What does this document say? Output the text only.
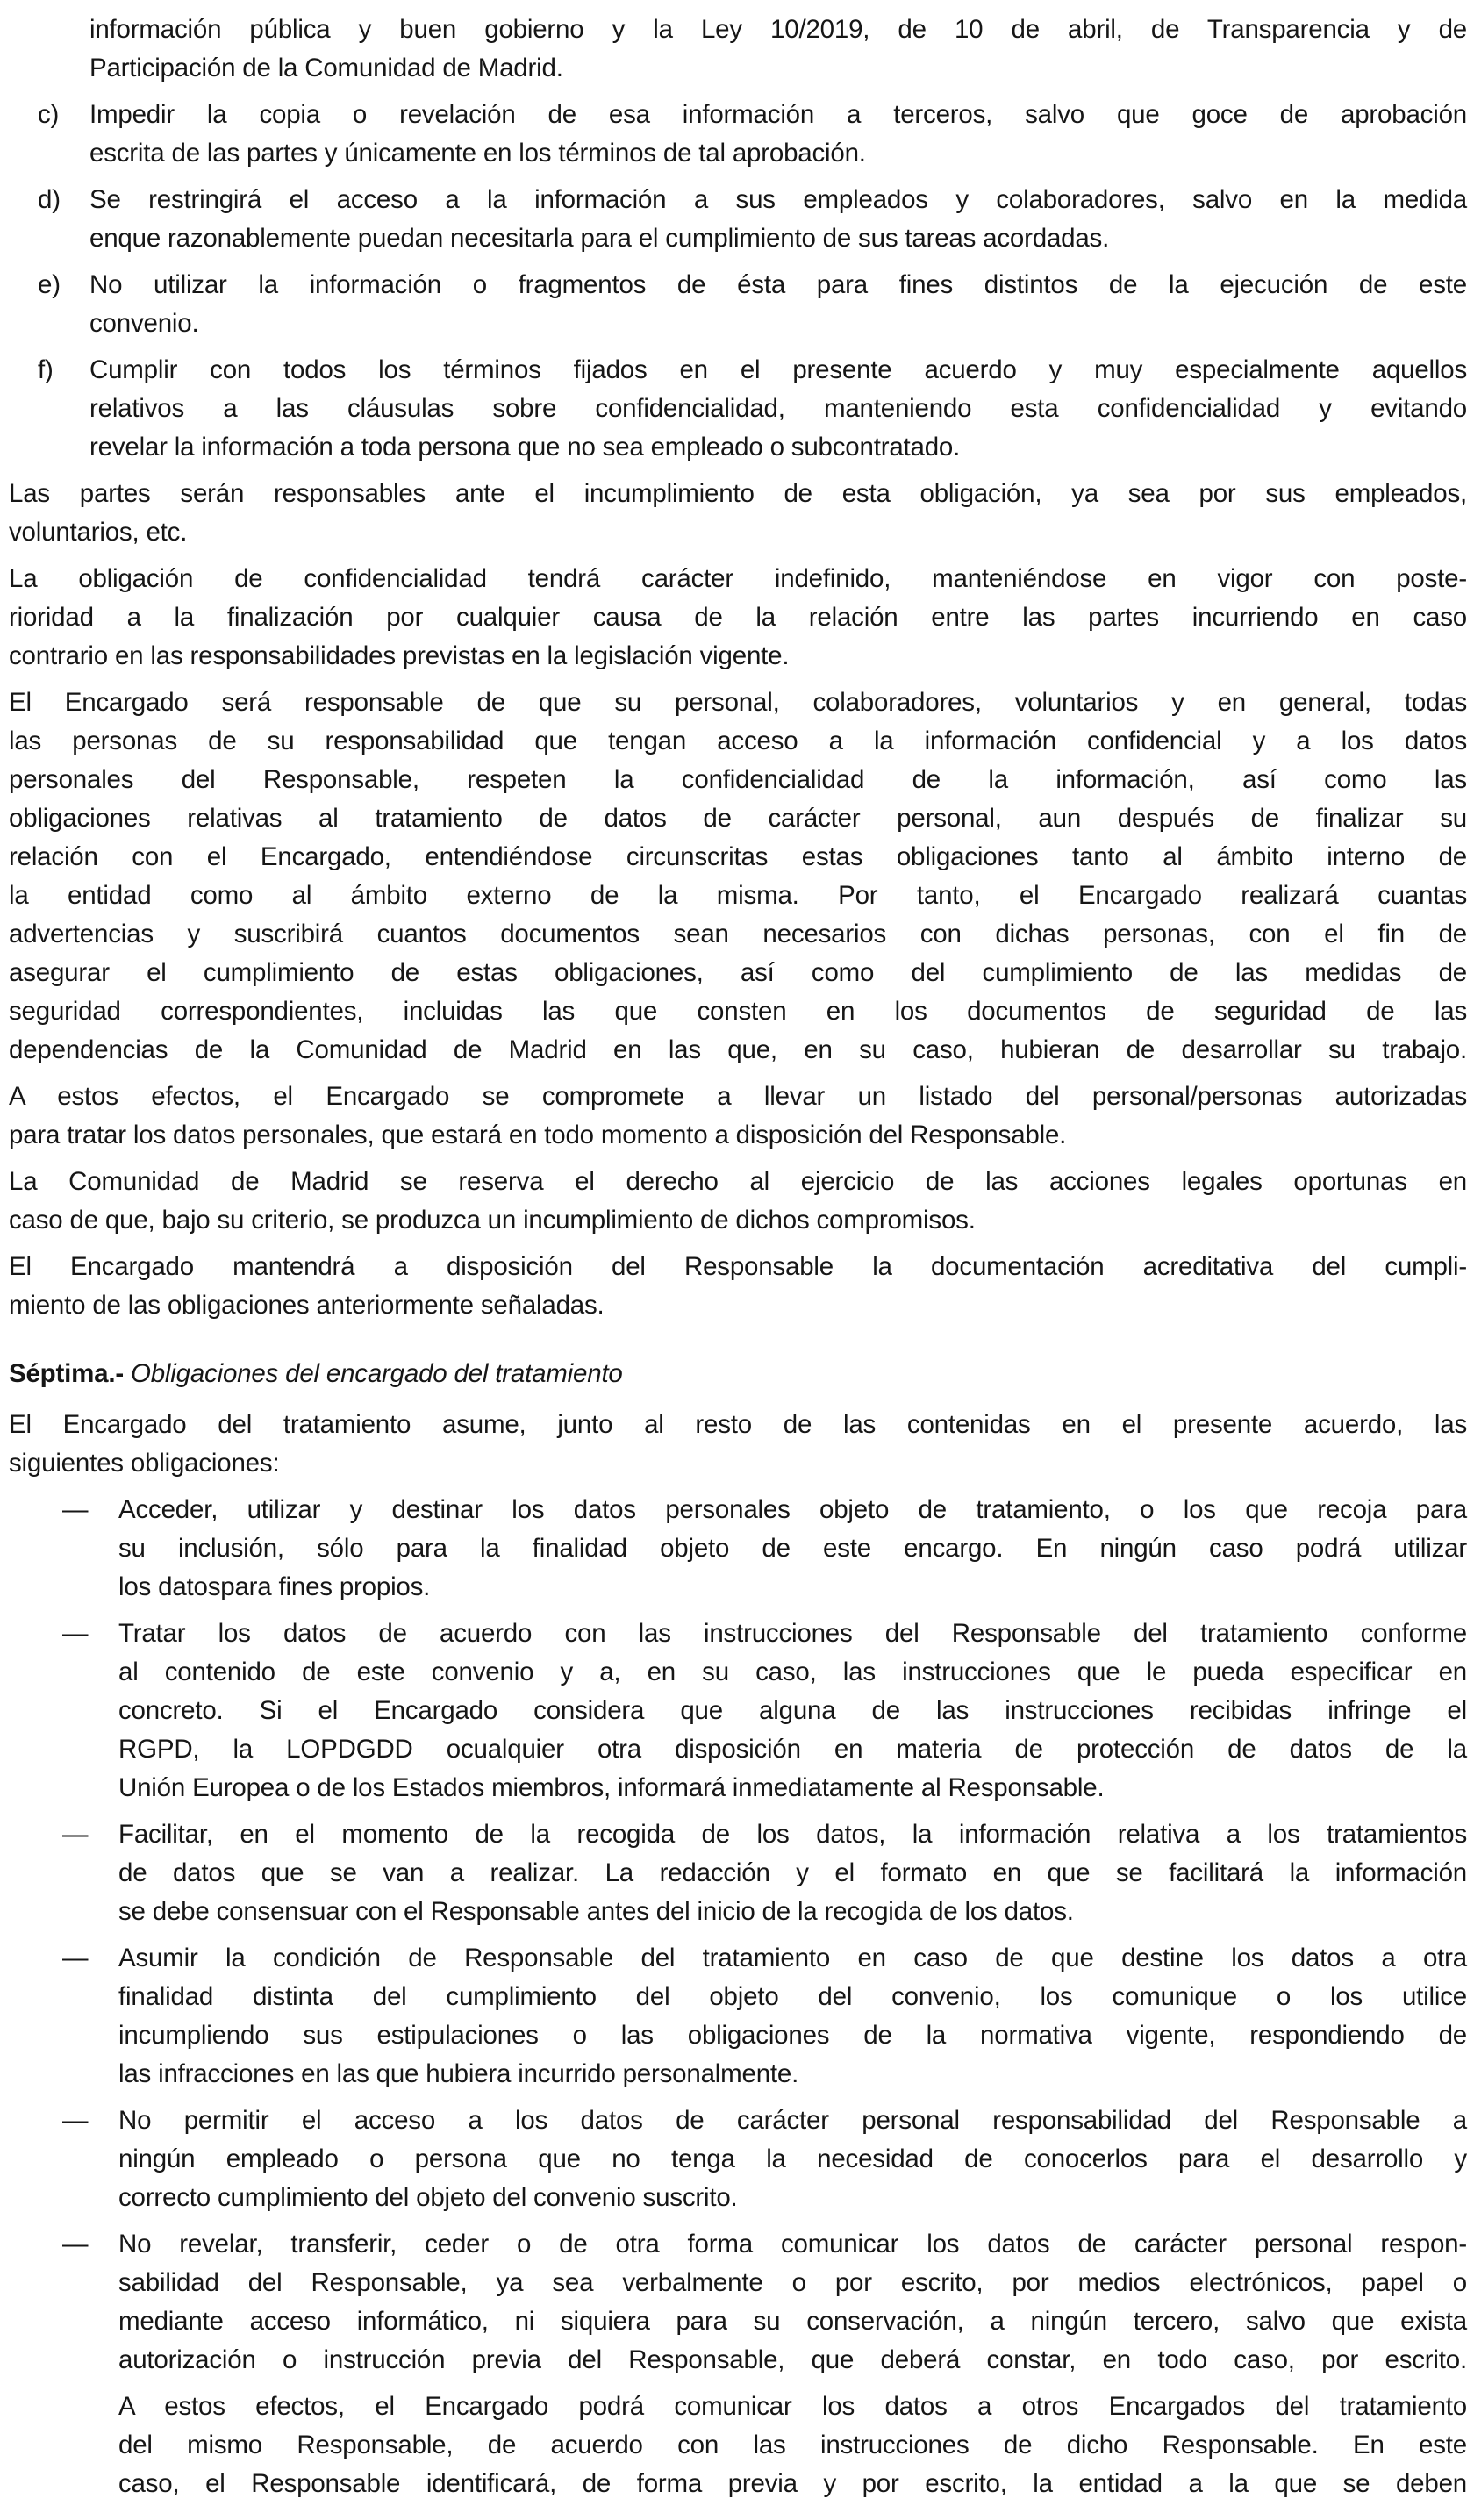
información pública y buen gobierno y la Ley 10/2019, de 10 de abril, de Transparencia y de
Participación de la Comunidad de Madrid.
c) Impedir la copia o revelación de esa información a terceros, salvo que goce de aprobación
escrita de las partes y únicamente en los términos de tal aprobación.
d) Se restringirá el acceso a la información a sus empleados y colaboradores, salvo en la medida
enque razonablemente puedan necesitarla para el cumplimiento de sus tareas acordadas.
e) No utilizar la información o fragmentos de ésta para fines distintos de la ejecución de este
convenio.
f) Cumplir con todos los términos fijados en el presente acuerdo y muy especialmente aquellos
relativos a las cláusulas sobre confidencialidad, manteniendo esta confidencialidad y evitando
revelar la información a toda persona que no sea empleado o subcontratado.
Las partes serán responsables ante el incumplimiento de esta obligación, ya sea por sus empleados,
voluntarios, etc.
La obligación de confidencialidad tendrá carácter indefinido, manteniéndose en vigor con poste-
rioridad a la finalización por cualquier causa de la relación entre las partes incurriendo en caso
contrario en las responsabilidades previstas en la legislación vigente.
El Encargado será responsable de que su personal, colaboradores, voluntarios y en general, todas
las personas de su responsabilidad que tengan acceso a la información confidencial y a los datos
personales del Responsable, respeten la confidencialidad de la información, así como las
obligaciones relativas al tratamiento de datos de carácter personal, aun después de finalizar su
relación con el Encargado, entendiéndose circunscritas estas obligaciones tanto al ámbito interno de
la entidad como al ámbito externo de la misma. Por tanto, el Encargado realizará cuantas
advertencias y suscribirá cuantos documentos sean necesarios con dichas personas, con el fin de
asegurar el cumplimiento de estas obligaciones, así como del cumplimiento de las medidas de
seguridad correspondientes, incluidas las que consten en los documentos de seguridad de las
dependencias de la Comunidad de Madrid en las que, en su caso, hubieran de desarrollar su trabajo.
A estos efectos, el Encargado se compromete a llevar un listado del personal/personas autorizadas
para tratar los datos personales, que estará en todo momento a disposición del Responsable.
La Comunidad de Madrid se reserva el derecho al ejercicio de las acciones legales oportunas en
caso de que, bajo su criterio, se produzca un incumplimiento de dichos compromisos.
El Encargado mantendrá a disposición del Responsable la documentación acreditativa del cumpli-
miento de las obligaciones anteriormente señaladas.
Séptima.- Obligaciones del encargado del tratamiento
El Encargado del tratamiento asume, junto al resto de las contenidas en el presente acuerdo, las
siguientes obligaciones:
— Acceder, utilizar y destinar los datos personales objeto de tratamiento, o los que recoja para
su inclusión, sólo para la finalidad objeto de este encargo. En ningún caso podrá utilizar
los datospara fines propios.
— Tratar los datos de acuerdo con las instrucciones del Responsable del tratamiento conforme
al contenido de este convenio y a, en su caso, las instrucciones que le pueda especificar en
concreto. Si el Encargado considera que alguna de las instrucciones recibidas infringe el
RGPD, la LOPDGDD ocualquier otra disposición en materia de protección de datos de la
Unión Europea o de los Estados miembros, informará inmediatamente al Responsable.
— Facilitar, en el momento de la recogida de los datos, la información relativa a los tratamientos
de datos que se van a realizar. La redacción y el formato en que se facilitará la información
se debe consensuar con el Responsable antes del inicio de la recogida de los datos.
— Asumir la condición de Responsable del tratamiento en caso de que destine los datos a otra
finalidad distinta del cumplimiento del objeto del convenio, los comunique o los utilice
incumpliendo sus estipulaciones o las obligaciones de la normativa vigente, respondiendo de
las infracciones en las que hubiera incurrido personalmente.
— No permitir el acceso a los datos de carácter personal responsabilidad del Responsable a
ningún empleado o persona que no tenga la necesidad de conocerlos para el desarrollo y
correcto cumplimiento del objeto del convenio suscrito.
— No revelar, transferir, ceder o de otra forma comunicar los datos de carácter personal respon-
sabilidad del Responsable, ya sea verbalmente o por escrito, por medios electrónicos, papel o
mediante acceso informático, ni siquiera para su conservación, a ningún tercero, salvo que exista
autorización o instrucción previa del Responsable, que deberá constar, en todo caso, por escrito.
A estos efectos, el Encargado podrá comunicar los datos a otros Encargados del tratamiento
del mismo Responsable, de acuerdo con las instrucciones de dicho Responsable. En este
caso, el Responsable identificará, de forma previa y por escrito, la entidad a la que se deben
